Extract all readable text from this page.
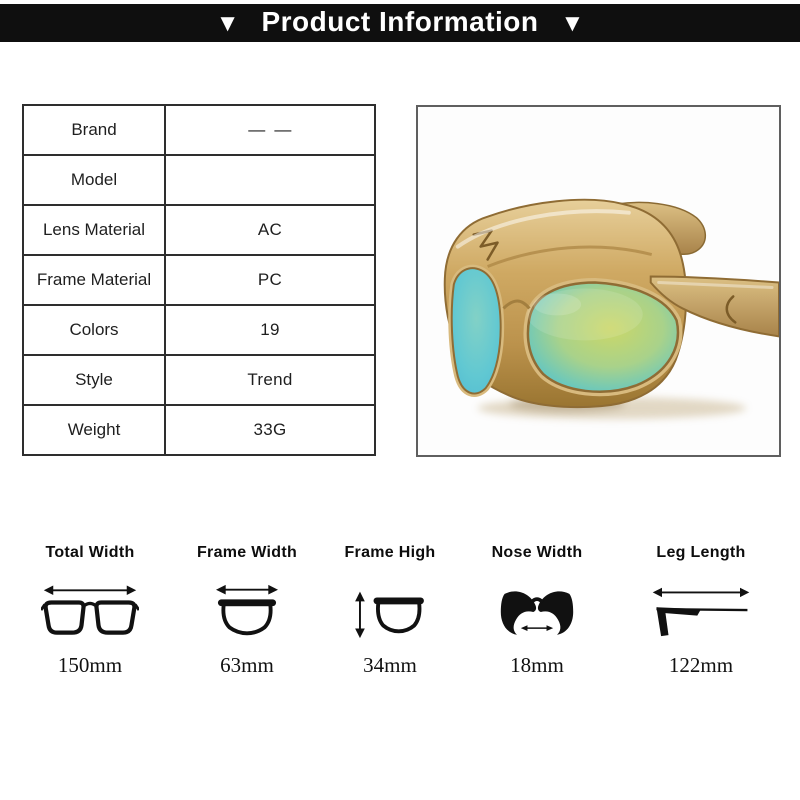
▼ Product Information ▼
Brand	— —
Model	
Lens Material	AC
Frame Material	PC
Colors	19
Style	Trend
Weight	33G
Total Width
150mm
Frame Width
63mm
Frame High
34mm
Nose Width
18mm
Leg Length
122mm
